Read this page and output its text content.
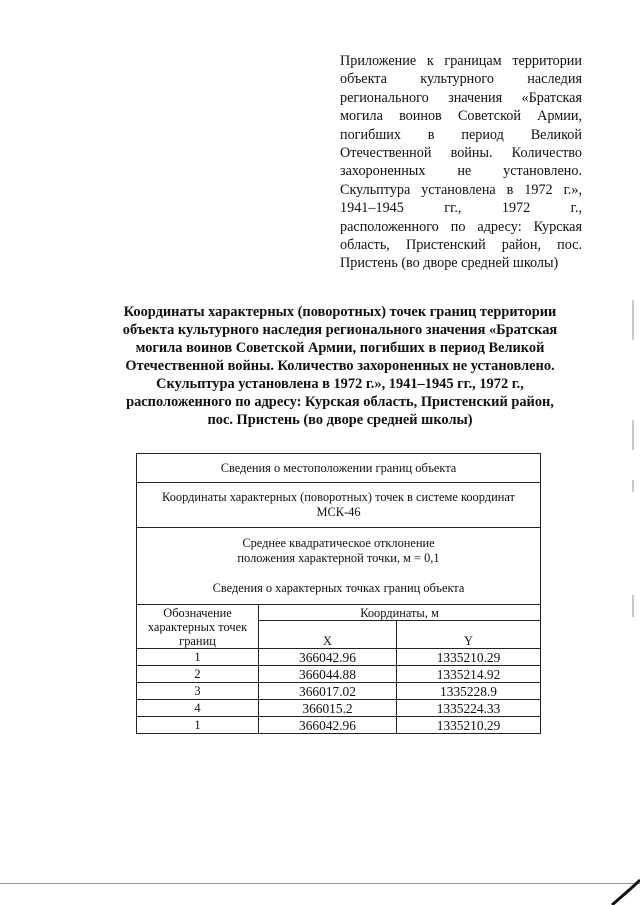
Приложение к границам территории
объекта культурного наследия
регионального значения «Братская
могила воинов Советской Армии,
погибших в период Великой
Отечественной войны. Количество
захороненных не установлено.
Скульптура установлена в 1972 г.»,
1941–1945 гг., 1972 г.,
расположенного по адресу: Курская
область, Пристенский район, пос.
Пристень (во дворе средней школы)
Координаты характерных (поворотных) точек границ территории
объекта культурного наследия регионального значения «Братская
могила воинов Советской Армии, погибших в период Великой
Отечественной войны. Количество захороненных не установлено.
Скульптура установлена в 1972 г.», 1941–1945 гг., 1972 г.,
расположенного по адресу: Курская область, Пристенский район,
пос. Пристень (во дворе средней школы)
Сведения о местоположении границ объекта		
Координаты характерных (поворотных) точек в системе координат
МСК-46		
Среднее квадратическое отклонение
положения характерной точки, м = 0,1

Сведения о характерных точках границ объекта		
Обозначение
характерных точек
границ	Координаты, м	
	X	Y
1	366042.96	1335210.29
2	366044.88	1335214.92
3	366017.02	1335228.9
4	366015.2	1335224.33
1	366042.96	1335210.29
